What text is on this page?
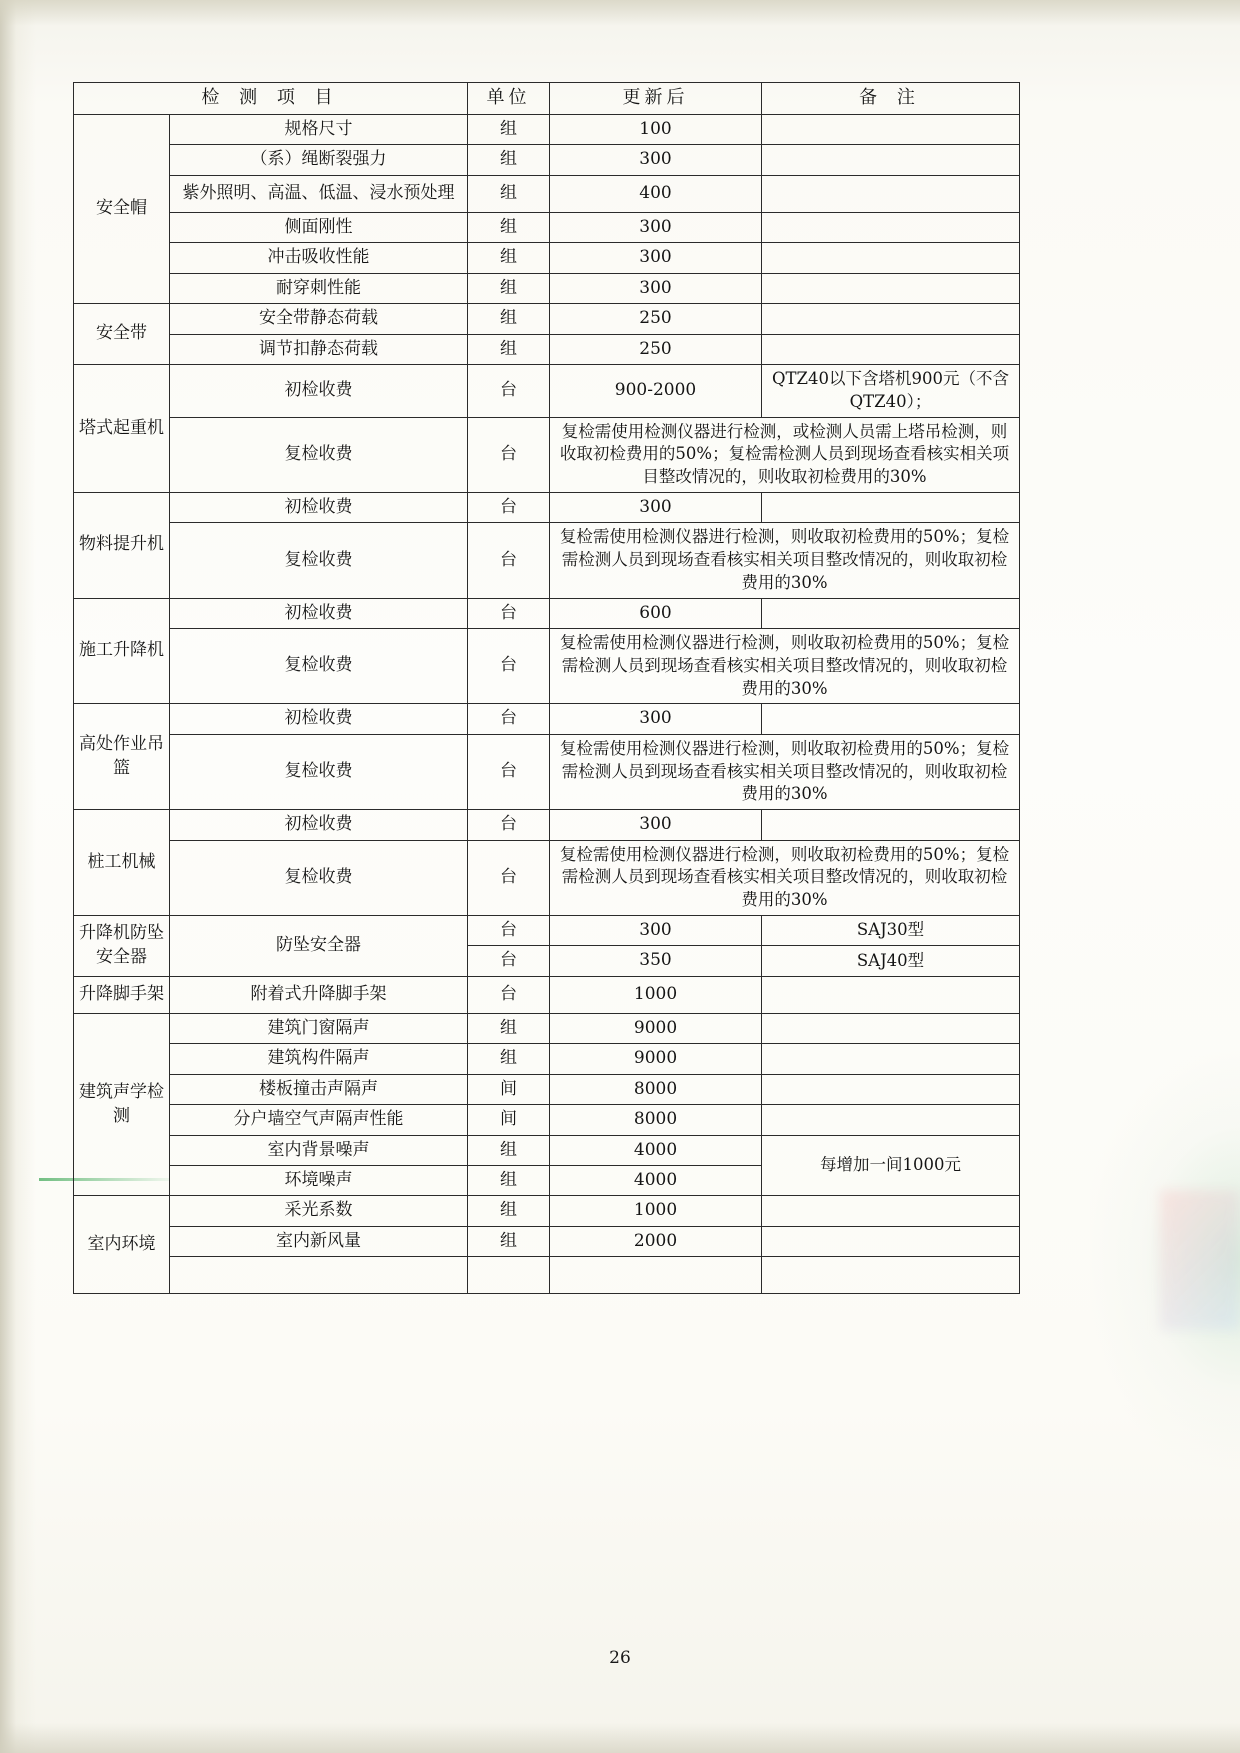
检 测 项 目		单位	更新后	备 注
安全帽	规格尺寸	组	100	
	（系）绳断裂强力	组	300	

	紫外照明、高温、低温、浸水预处理	组	400	
	侧面刚性	组	300	
	冲击吸收性能	组	300	
	耐穿刺性能	组	300	
安全带	安全带静态荷载	组	250	
	调节扣静态荷载	组	250	
塔式起重机	初检收费	台	900-2000	QTZ40以下含塔机900元（不含QTZ40）；
	复检收费	台	复检需使用检测仪器进行检测，或检测人员需上塔吊检测，则收取初检费用的50%；复检需检测人员到现场查看核实相关项目整改情况的，则收取初检费用的30%	
物料提升机	初检收费	台	300	
	复检收费	台	复检需使用检测仪器进行检测，则收取初检费用的50%；复检需检测人员到现场查看核实相关项目整改情况的，则收取初检费用的30%	
施工升降机	初检收费	台	600	
	复检收费	台	复检需使用检测仪器进行检测，则收取初检费用的50%；复检需检测人员到现场查看核实相关项目整改情况的，则收取初检费用的30%	
高处作业吊篮	初检收费	台	300	
	复检收费	台	复检需使用检测仪器进行检测，则收取初检费用的50%；复检需检测人员到现场查看核实相关项目整改情况的，则收取初检费用的30%	
桩工机械	初检收费	台	300	
	复检收费	台	复检需使用检测仪器进行检测，则收取初检费用的50%；复检需检测人员到现场查看核实相关项目整改情况的，则收取初检费用的30%	
升降机防坠安全器	防坠安全器	台	300	SAJ30型
		台	350	SAJ40型

升降脚手架	附着式升降脚手架	台	1000	
建筑声学检测	建筑门窗隔声	组	9000	
	建筑构件隔声	组	9000	
	楼板撞击声隔声	间	8000	
	分户墙空气声隔声性能	间	8000	
	室内背景噪声	组	4000	每增加一间1000元
	环境噪声	组	4000	

室内环境	采光系数	组	1000	
	室内新风量	组	2000	

26
